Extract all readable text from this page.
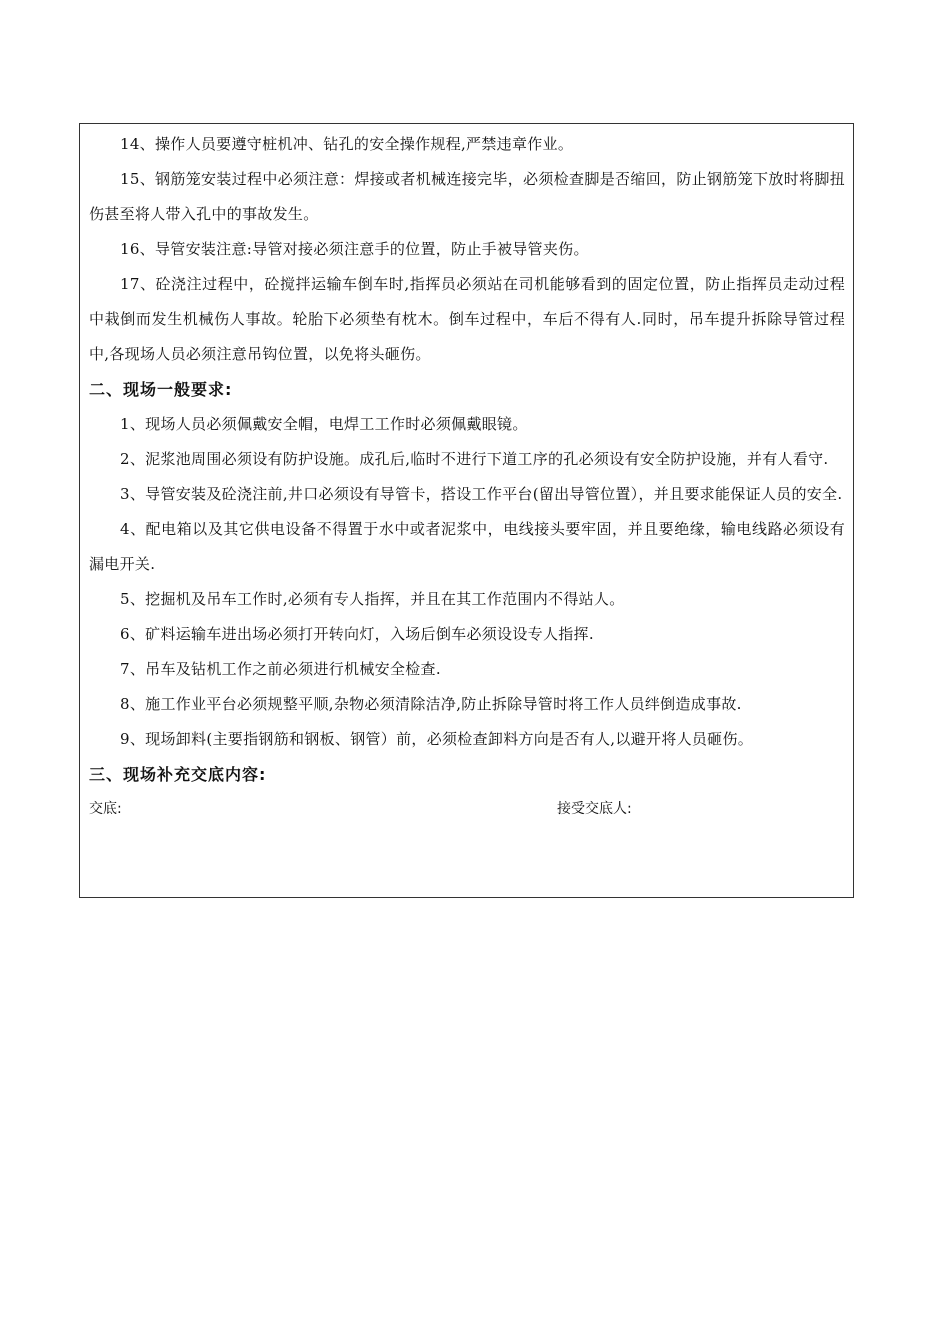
14、操作人员要遵守桩机冲、钻孔的安全操作规程,严禁违章作业。

15、钢筋笼安装过程中必须注意：焊接或者机械连接完毕，必须检查脚是否缩回，防止钢筋笼下放时将脚扭伤甚至将人带入孔中的事故发生。

16、导管安装注意:导管对接必须注意手的位置，防止手被导管夹伤。

17、砼浇注过程中，砼搅拌运输车倒车时,指挥员必须站在司机能够看到的固定位置，防止指挥员走动过程中栽倒而发生机械伤人事故。轮胎下必须垫有枕木。倒车过程中，车后不得有人.同时，吊车提升拆除导管过程中,各现场人员必须注意吊钩位置，以免将头砸伤。

二、现场一般要求:

1、现场人员必须佩戴安全帽，电焊工工作时必须佩戴眼镜。

2、泥浆池周围必须设有防护设施。成孔后,临时不进行下道工序的孔必须设有安全防护设施，并有人看守.

3、导管安装及砼浇注前,井口必须设有导管卡，搭设工作平台(留出导管位置），并且要求能保证人员的安全.

4、配电箱以及其它供电设备不得置于水中或者泥浆中，电线接头要牢固，并且要绝缘，输电线路必须设有漏电开关.

5、挖掘机及吊车工作时,必须有专人指挥，并且在其工作范围内不得站人。

6、矿料运输车进出场必须打开转向灯，入场后倒车必须设设专人指挥.

7、吊车及钻机工作之前必须进行机械安全检查.

8、施工作业平台必须规整平顺,杂物必须清除洁净,防止拆除导管时将工作人员绊倒造成事故.

9、现场卸料(主要指钢筋和钢板、钢管）前，必须检查卸料方向是否有人,以避开将人员砸伤。

三、现场补充交底内容:

交底:	接受交底人:
